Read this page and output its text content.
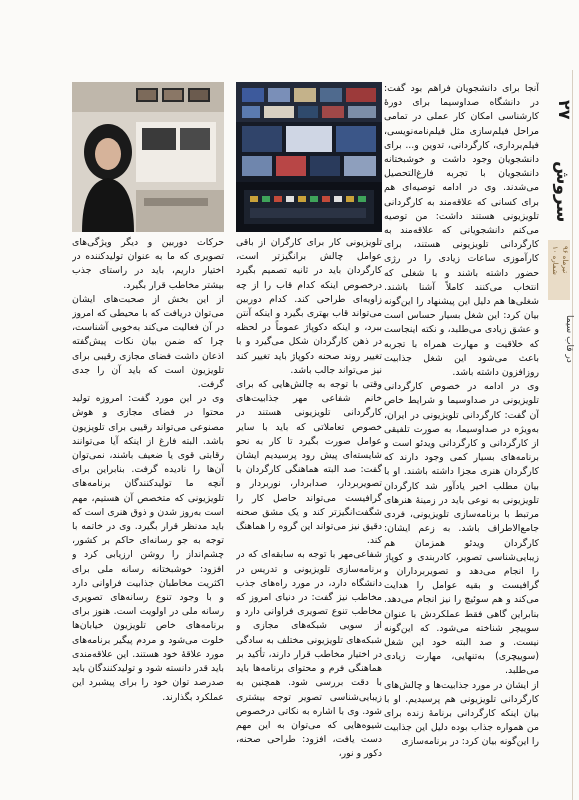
۲۷
سروش
شماره ۱۰
تیرماه ۹۶
در قاب سیما

آنجا برای دانشجویان فراهم بود گفت: در دانشگاه صداوسیما برای دورهٔ کارشناسی امکان کار عملی در تمامی مراحل فیلم‌سازی مثل فیلم‌نامه‌نویسی، فیلم‌برداری، کارگردانی، تدوین و... برای دانشجویان وجود داشت و خوشبختانه دانشجویان با تجربه فارغ‌التحصیل می‌شدند. وی در ادامه توصیه‌ای هم برای کسانی که علاقه‌مند به کارگردانی تلویزیونی هستند داشت: من توصیه می‌کنم دانشجویانی که علاقه‌مند به کارگردانی تلویزیونی هستند، برای کارآموزی ساعات زیادی را در رژی حضور داشته باشند و با شغلی که انتخاب می‌کنند کاملاً آشنا باشند. شغلی‌ها هم دلیل این پیشنهاد را این‌گونه بیان کرد: این شغل بسیار حساس است و عشق زیادی می‌طلبد، و نکته اینجاست که خلاقیت و مهارت همراه با تجربه باعث می‌شود این شغل جذابیت روزافزون داشته باشد.

وی در ادامه در خصوص کارگردانی تلویزیونی در صداوسیما و شرایط خاص آن گفت: کارگردانی تلویزیونی در ایران، به‌ویژه در صداوسیما، به صورت تلفیقی از کارگردانی و کارگردانی ویدئو است و برنامه‌های بسیار کمی وجود دارند که کارگردان هنری مجزا داشته باشند. او با بیان مطلب اخیر یادآور شد کارگردان تلویزیونی به نوعی باید در زمینهٔ هنرهای مرتبط با برنامه‌سازی تلویزیونی، فردی جامع‌الاطراف باشد. به زعم ایشان: کارگردان ویدئو همزمان هم زیبایی‌شناسی تصویر، کادربندی و کوپاژ را انجام می‌دهد و تصویربرداران و گرافیست و بقیه عوامل را هدایت می‌کند و هم سوئیچ را نیز انجام می‌دهد. بنابراین گاهی فقط عملکردش با عنوان سوییچر شناخته می‌شود. که این‌گونه نیست. و صد البته خود این شغل (سوییچری) به‌تنهایی، مهارت زیادی می‌طلبد.

از ایشان در مورد جذابیت‌ها و چالش‌های کارگردانی تلویزیونی هم پرسیدیم. او با بیان اینکه کارگردانی برنامهٔ زنده برای من همواره جذاب بوده دلیل این جذابیت را این‌گونه بیان کرد: در برنامه‌سازی

تلویزیونی کار برای کارگران از باقی عوامل چالش برانگیزتر است، کارگردان باید در ثانیه تصمیم بگیرد درخصوص اینکه کدام قاب را از چه زاویه‌ای طراحی کند. کدام دوربین می‌تواند قاب بهتری بگیرد و اینکه آنتن ببرد، و اینکه دکوپاژ عموماً در لحظه در ذهن کارگردان شکل می‌گیرد و با تغییر روند صحنه دکوپاژ باید تغییر کند نیز می‌تواند جالب باشد.

وقتی با توجه به چالش‌هایی که برای خانم شفاعی مهر جذابیت‌های کارگردانی تلویزیونی هستند در خصوص تعاملاتی که باید با سایر عوامل صورت بگیرد تا کار به نحو شایسته‌ای پیش رود پرسیدیم ایشان گفت: صد البته هماهنگی کارگردان با تصویربردار، صدابردار، نوربردار و گرافیست می‌تواند حاصل کار را شگفت‌انگیزتر کند و یک مشق صحنه دقیق نیز می‌تواند این گروه را هماهنگ کند.

شفاعی‌مهر با توجه به سابقه‌ای که در برنامه‌سازی تلویزیونی و تدریس در دانشگاه دارد، در مورد راه‌های جذب مخاطب نیز گفت: در دنیای امروز که مخاطب تنوع تصویری فراوانی دارد و از سویی شبکه‌های مجازی و شبکه‌های تلویزیونی مختلف به سادگی در اختیار مخاطب قرار دارند، تأکید بر هماهنگی فرم و محتوای برنامه‌ها باید با دقت بررسی شود. همچنین به زیبایی‌شناسی تصویر توجه بیشتری شود. وی با اشاره به نکاتی درخصوص شیوه‌هایی که می‌توان به این مهم دست یافت، افزود: طراحی صحنه، دکور و نور،

حرکات دوربین و دیگر ویژگی‌های تصویری که ما به عنوان تولیدکننده در اختیار داریم، باید در راستای جذب بیشتر مخاطب قرار بگیرد.

از این بخش از صحبت‌های ایشان می‌توان دریافت که با محیطی که امروز در آن فعالیت می‌کند به‌خوبی آشناست، چرا که ضمن بیان نکات پیش‌گفته اذعان داشت فضای مجازی رقیبی برای تلویزیون است که باید آن را جدی گرفت.

وی در این مورد گفت: امروزه تولید محتوا در فضای مجازی و هوش مصنوعی می‌تواند رقیبی برای تلویزیون باشد. البته فارغ از اینکه آیا می‌توانند رقابتی قوی یا ضعیف باشند، نمی‌توان آن‌ها را نادیده گرفت. بنابراین برای آنچه ما تولیدکنندگان برنامه‌های تلویزیونی که متخصص آن هستیم، مهم است به‌روز شدن و ذوق هنری است که باید مدنظر قرار بگیرد. وی در خاتمه با توجه به جو رسانه‌ای حاکم بر کشور، چشم‌انداز را روشن ارزیابی کرد و افزود: خوشبختانه رسانه ملی برای اکثریت مخاطبان جذابیت فراوانی دارد و با وجود تنوع رسانه‌های تصویری رسانه ملی در اولویت است. هنوز برای برنامه‌های خاص تلویزیون خیابان‌ها خلوت می‌شود و مردم پیگیر برنامه‌های مورد علاقهٔ خود هستند. این علاقه‌مندی باید قدر دانسته شود و تولیدکنندگان باید صدرصد توان خود را برای پیشبرد این عملکرد بگذارند.
